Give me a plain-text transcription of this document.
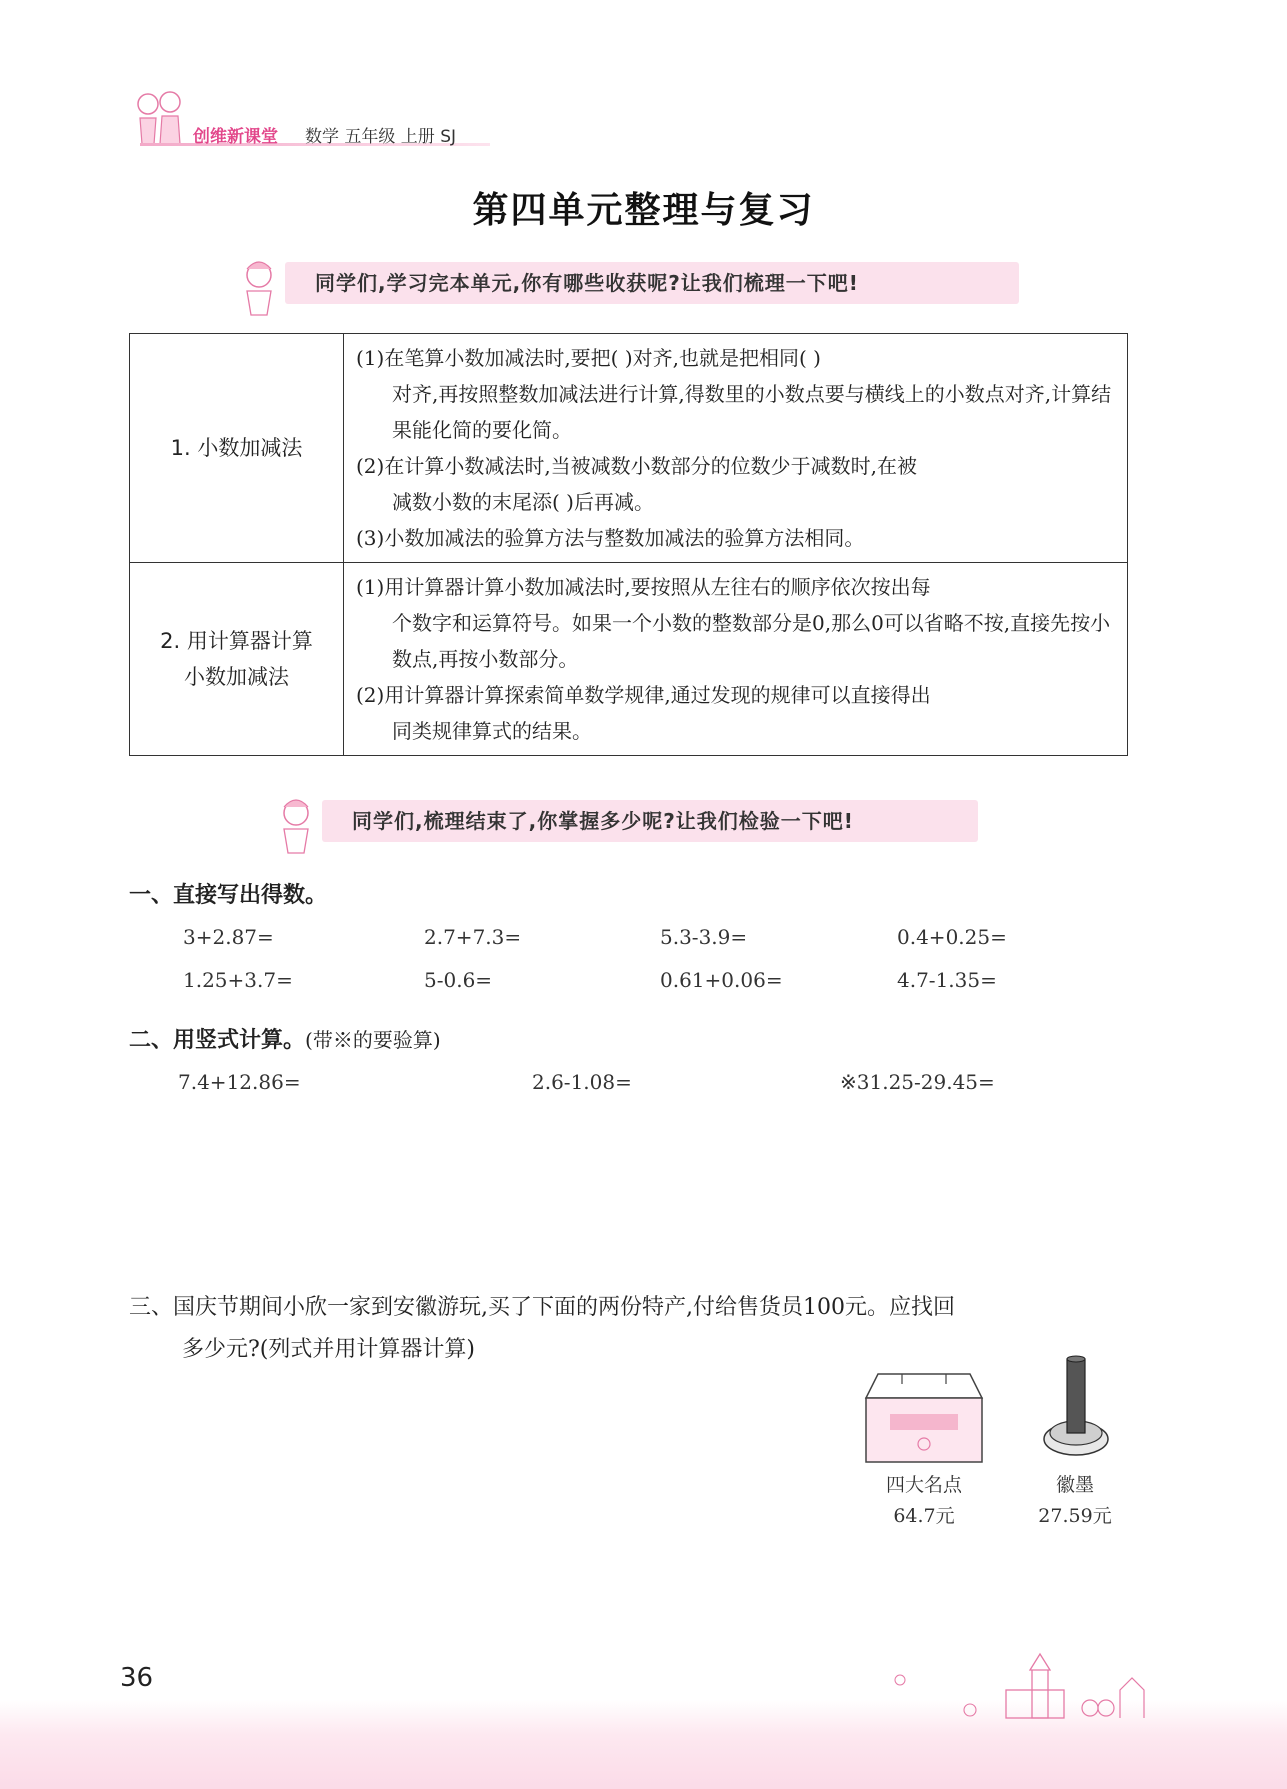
创维新课堂 数学 五年级 上册 SJ
第四单元整理与复习
同学们,学习完本单元,你有哪些收获呢?让我们梳理一下吧!
1. 小数加减法	(1)在笔算小数加减法时,要把( )对齐,也就是把相同( )
对齐,再按照整数加减法进行计算,得数里的小数点要与横线上的小数点对齐,计算结果能化简的要化简。
(2)在计算小数减法时,当被减数小数部分的位数少于减数时,在被
减数小数的末尾添( )后再减。
(3)小数加减法的验算方法与整数加减法的验算方法相同。

2. 用计算器计算
小数加减法	(1)用计算器计算小数加减法时,要按照从左往右的顺序依次按出每
个数字和运算符号。如果一个小数的整数部分是0,那么0可以省略不按,直接先按小数点,再按小数部分。
(2)用计算器计算探索简单数学规律,通过发现的规律可以直接得出
同类规律算式的结果。
同学们,梳理结束了,你掌握多少呢?让我们检验一下吧!
一、直接写出得数。
3+2.87=	2.7+7.3=	5.3-3.9=	0.4+0.25=
1.25+3.7=	5-0.6=	0.61+0.06=	4.7-1.35=
二、用竖式计算。(带※的要验算)
7.4+12.86=	2.6-1.08=	※31.25-29.45=
三、国庆节期间小欣一家到安徽游玩,买了下面的两份特产,付给售货员100元。应找回
多少元?(列式并用计算器计算)
四大名点
64.7元
徽墨
27.59元
36
